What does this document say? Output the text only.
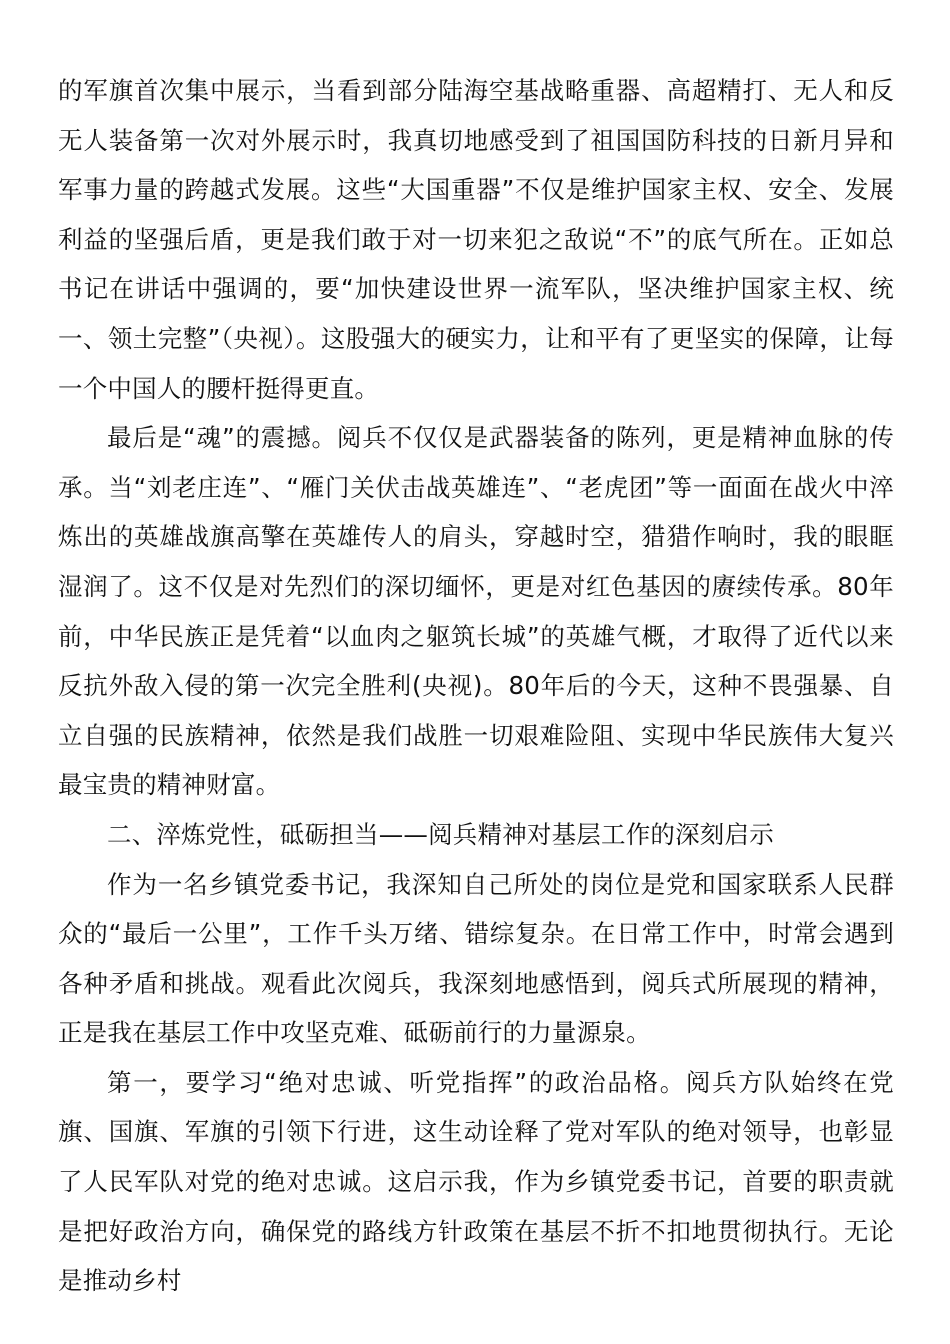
的军旗首次集中展示，当看到部分陆海空基战略重器、高超精打、无人和反无人装备第一次对外展示时，我真切地感受到了祖国国防科技的日新月异和军事力量的跨越式发展。这些“大国重器”不仅是维护国家主权、安全、发展利益的坚强后盾，更是我们敢于对一切来犯之敌说“不”的底气所在。正如总书记在讲话中强调的，要“加快建设世界一流军队，坚决维护国家主权、统一、领土完整”（央视）。这股强大的硬实力，让和平有了更坚实的保障，让每一个中国人的腰杆挺得更直。

最后是“魂”的震撼。阅兵不仅仅是武器装备的陈列，更是精神血脉的传承。当“刘老庄连”、“雁门关伏击战英雄连”、“老虎团”等一面面在战火中淬炼出的英雄战旗高擎在英雄传人的肩头，穿越时空，猎猎作响时，我的眼眶湿润了。这不仅是对先烈们的深切缅怀，更是对红色基因的赓续传承。80年前，中华民族正是凭着“以血肉之躯筑长城”的英雄气概，才取得了近代以来反抗外敌入侵的第一次完全胜利(央视)。80年后的今天，这种不畏强暴、自立自强的民族精神，依然是我们战胜一切艰难险阻、实现中华民族伟大复兴最宝贵的精神财富。

二、淬炼党性，砥砺担当——阅兵精神对基层工作的深刻启示

作为一名乡镇党委书记，我深知自己所处的岗位是党和国家联系人民群众的“最后一公里”，工作千头万绪、错综复杂。在日常工作中，时常会遇到各种矛盾和挑战。观看此次阅兵，我深刻地感悟到，阅兵式所展现的精神，正是我在基层工作中攻坚克难、砥砺前行的力量源泉。

第一，要学习“绝对忠诚、听党指挥”的政治品格。阅兵方队始终在党旗、国旗、军旗的引领下行进，这生动诠释了党对军队的绝对领导，也彰显了人民军队对党的绝对忠诚。这启示我，作为乡镇党委书记，首要的职责就是把好政治方向，确保党的路线方针政策在基层不折不扣地贯彻执行。无论是推动乡村
